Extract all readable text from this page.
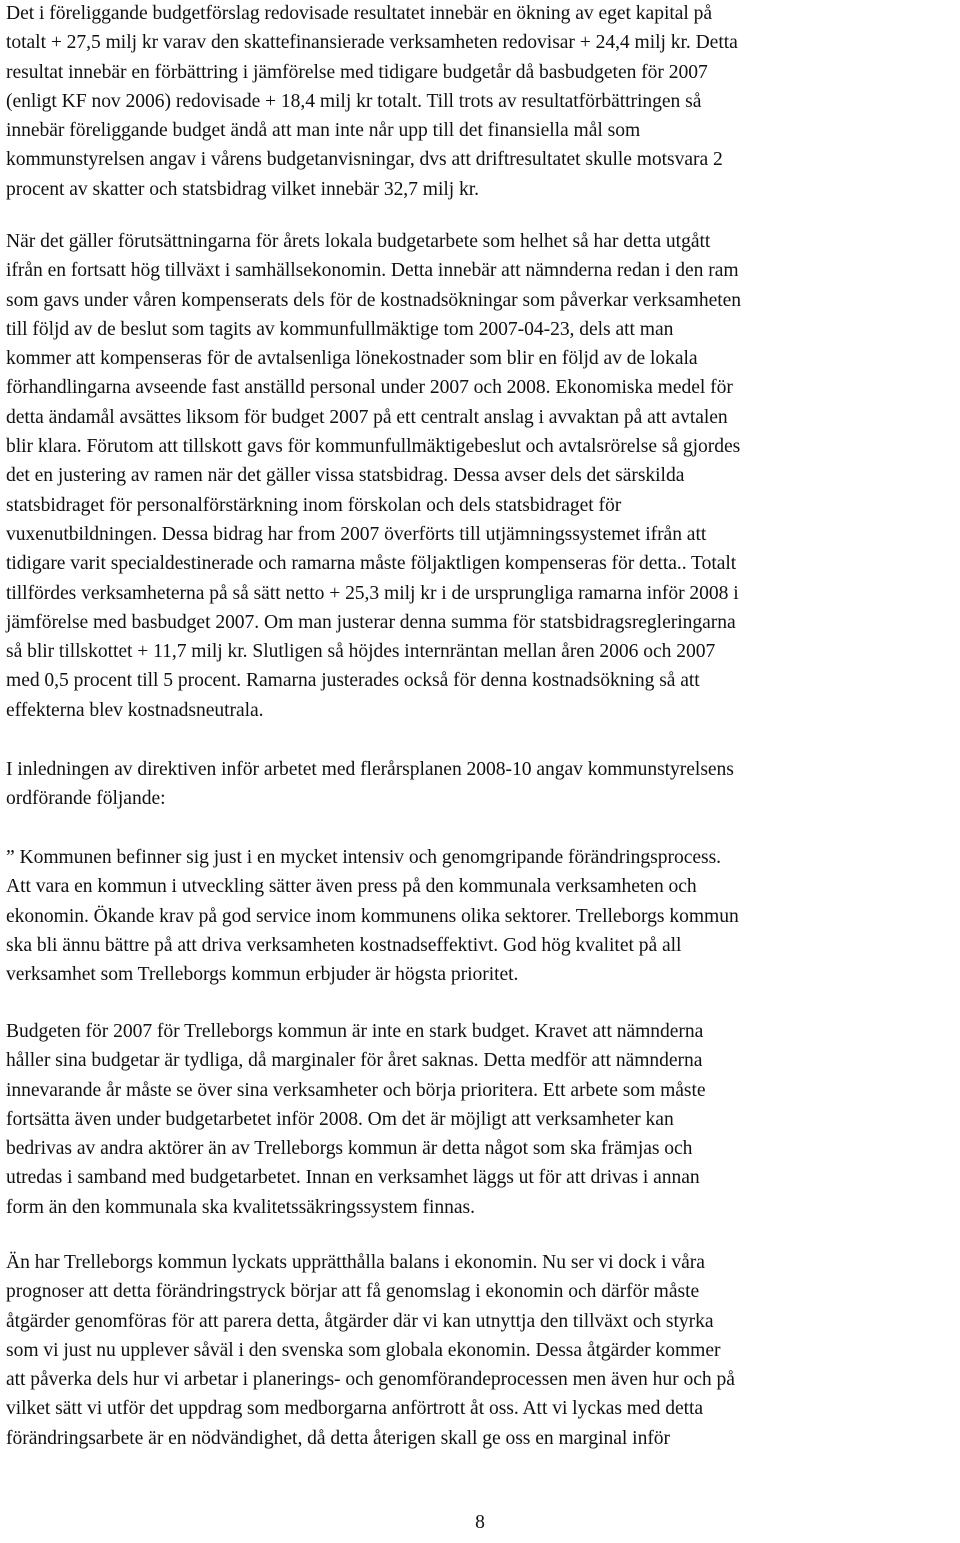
Det i föreliggande budgetförslag redovisade resultatet innebär en ökning av eget kapital på
totalt + 27,5 milj kr varav den skattefinansierade verksamheten redovisar + 24,4 milj kr. Detta
resultat innebär en förbättring i jämförelse med tidigare budgetår då basbudgeten för 2007
(enligt KF nov 2006) redovisade + 18,4 milj kr totalt. Till trots av resultatförbättringen så
innebär föreliggande budget ändå att man inte når upp till det finansiella mål som
kommunstyrelsen angav i vårens budgetanvisningar, dvs att driftresultatet skulle motsvara 2
procent av skatter och statsbidrag vilket innebär 32,7 milj kr.

När det gäller förutsättningarna för årets lokala budgetarbete som helhet så har detta utgått
ifrån en fortsatt hög tillväxt i samhällsekonomin. Detta innebär att nämnderna redan i den ram
som gavs under våren kompenserats dels för de kostnadsökningar som påverkar verksamheten
till följd av de beslut som tagits av kommunfullmäktige tom 2007-04-23, dels att man
kommer att kompenseras för de avtalsenliga lönekostnader som blir en följd av de lokala
förhandlingarna avseende fast anställd personal under 2007 och 2008. Ekonomiska medel för
detta ändamål avsättes liksom för budget 2007 på ett centralt anslag i avvaktan på att avtalen
blir klara. Förutom att tillskott gavs för kommunfullmäktigebeslut och avtalsrörelse så gjordes
det en justering av ramen när det gäller vissa statsbidrag. Dessa avser dels det särskilda
statsbidraget för personalförstärkning inom förskolan och dels statsbidraget för
vuxenutbildningen. Dessa bidrag har from 2007 överförts till utjämningssystemet ifrån att
tidigare varit specialdestinerade och ramarna måste följaktligen kompenseras för detta.. Totalt
tillfördes verksamheterna på så sätt netto + 25,3 milj kr i de ursprungliga ramarna inför 2008 i
jämförelse med basbudget 2007. Om man justerar denna summa för statsbidragsregleringarna
så blir tillskottet + 11,7 milj kr. Slutligen så höjdes internräntan mellan åren 2006 och 2007
med 0,5 procent till 5 procent. Ramarna justerades också för denna kostnadsökning så att
effekterna blev kostnadsneutrala.

I inledningen av direktiven inför arbetet med flerårsplanen 2008-10 angav kommunstyrelsens
ordförande följande:

” Kommunen befinner sig just i en mycket intensiv och genomgripande förändringsprocess.
Att vara en kommun i utveckling sätter även press på den kommunala verksamheten och
ekonomin. Ökande krav på god service inom kommunens olika sektorer. Trelleborgs kommun
ska bli ännu bättre på att driva verksamheten kostnadseffektivt. God hög kvalitet på all
verksamhet som Trelleborgs kommun erbjuder är högsta prioritet.

Budgeten för 2007 för Trelleborgs kommun är inte en stark budget. Kravet att nämnderna
håller sina budgetar är tydliga, då marginaler för året saknas. Detta medför att nämnderna
innevarande år måste se över sina verksamheter och börja prioritera. Ett arbete som måste
fortsätta även under budgetarbetet inför 2008. Om det är möjligt att verksamheter kan
bedrivas av andra aktörer än av Trelleborgs kommun är detta något som ska främjas och
utredas i samband med budgetarbetet. Innan en verksamhet läggs ut för att drivas i annan
form än den kommunala ska kvalitetssäkringssystem finnas.

Än har Trelleborgs kommun lyckats upprätthålla balans i ekonomin. Nu ser vi dock i våra
prognoser att detta förändringstryck börjar att få genomslag i ekonomin och därför måste
åtgärder genomföras för att parera detta, åtgärder där vi kan utnyttja den tillväxt och styrka
som vi just nu upplever såväl i den svenska som globala ekonomin. Dessa åtgärder kommer
att påverka dels hur vi arbetar i planerings- och genomförandeprocessen men även hur och på
vilket sätt vi utför det uppdrag som medborgarna anförtrott åt oss. Att vi lyckas med detta
förändringsarbete är en nödvändighet, då detta återigen skall ge oss en marginal inför

8
